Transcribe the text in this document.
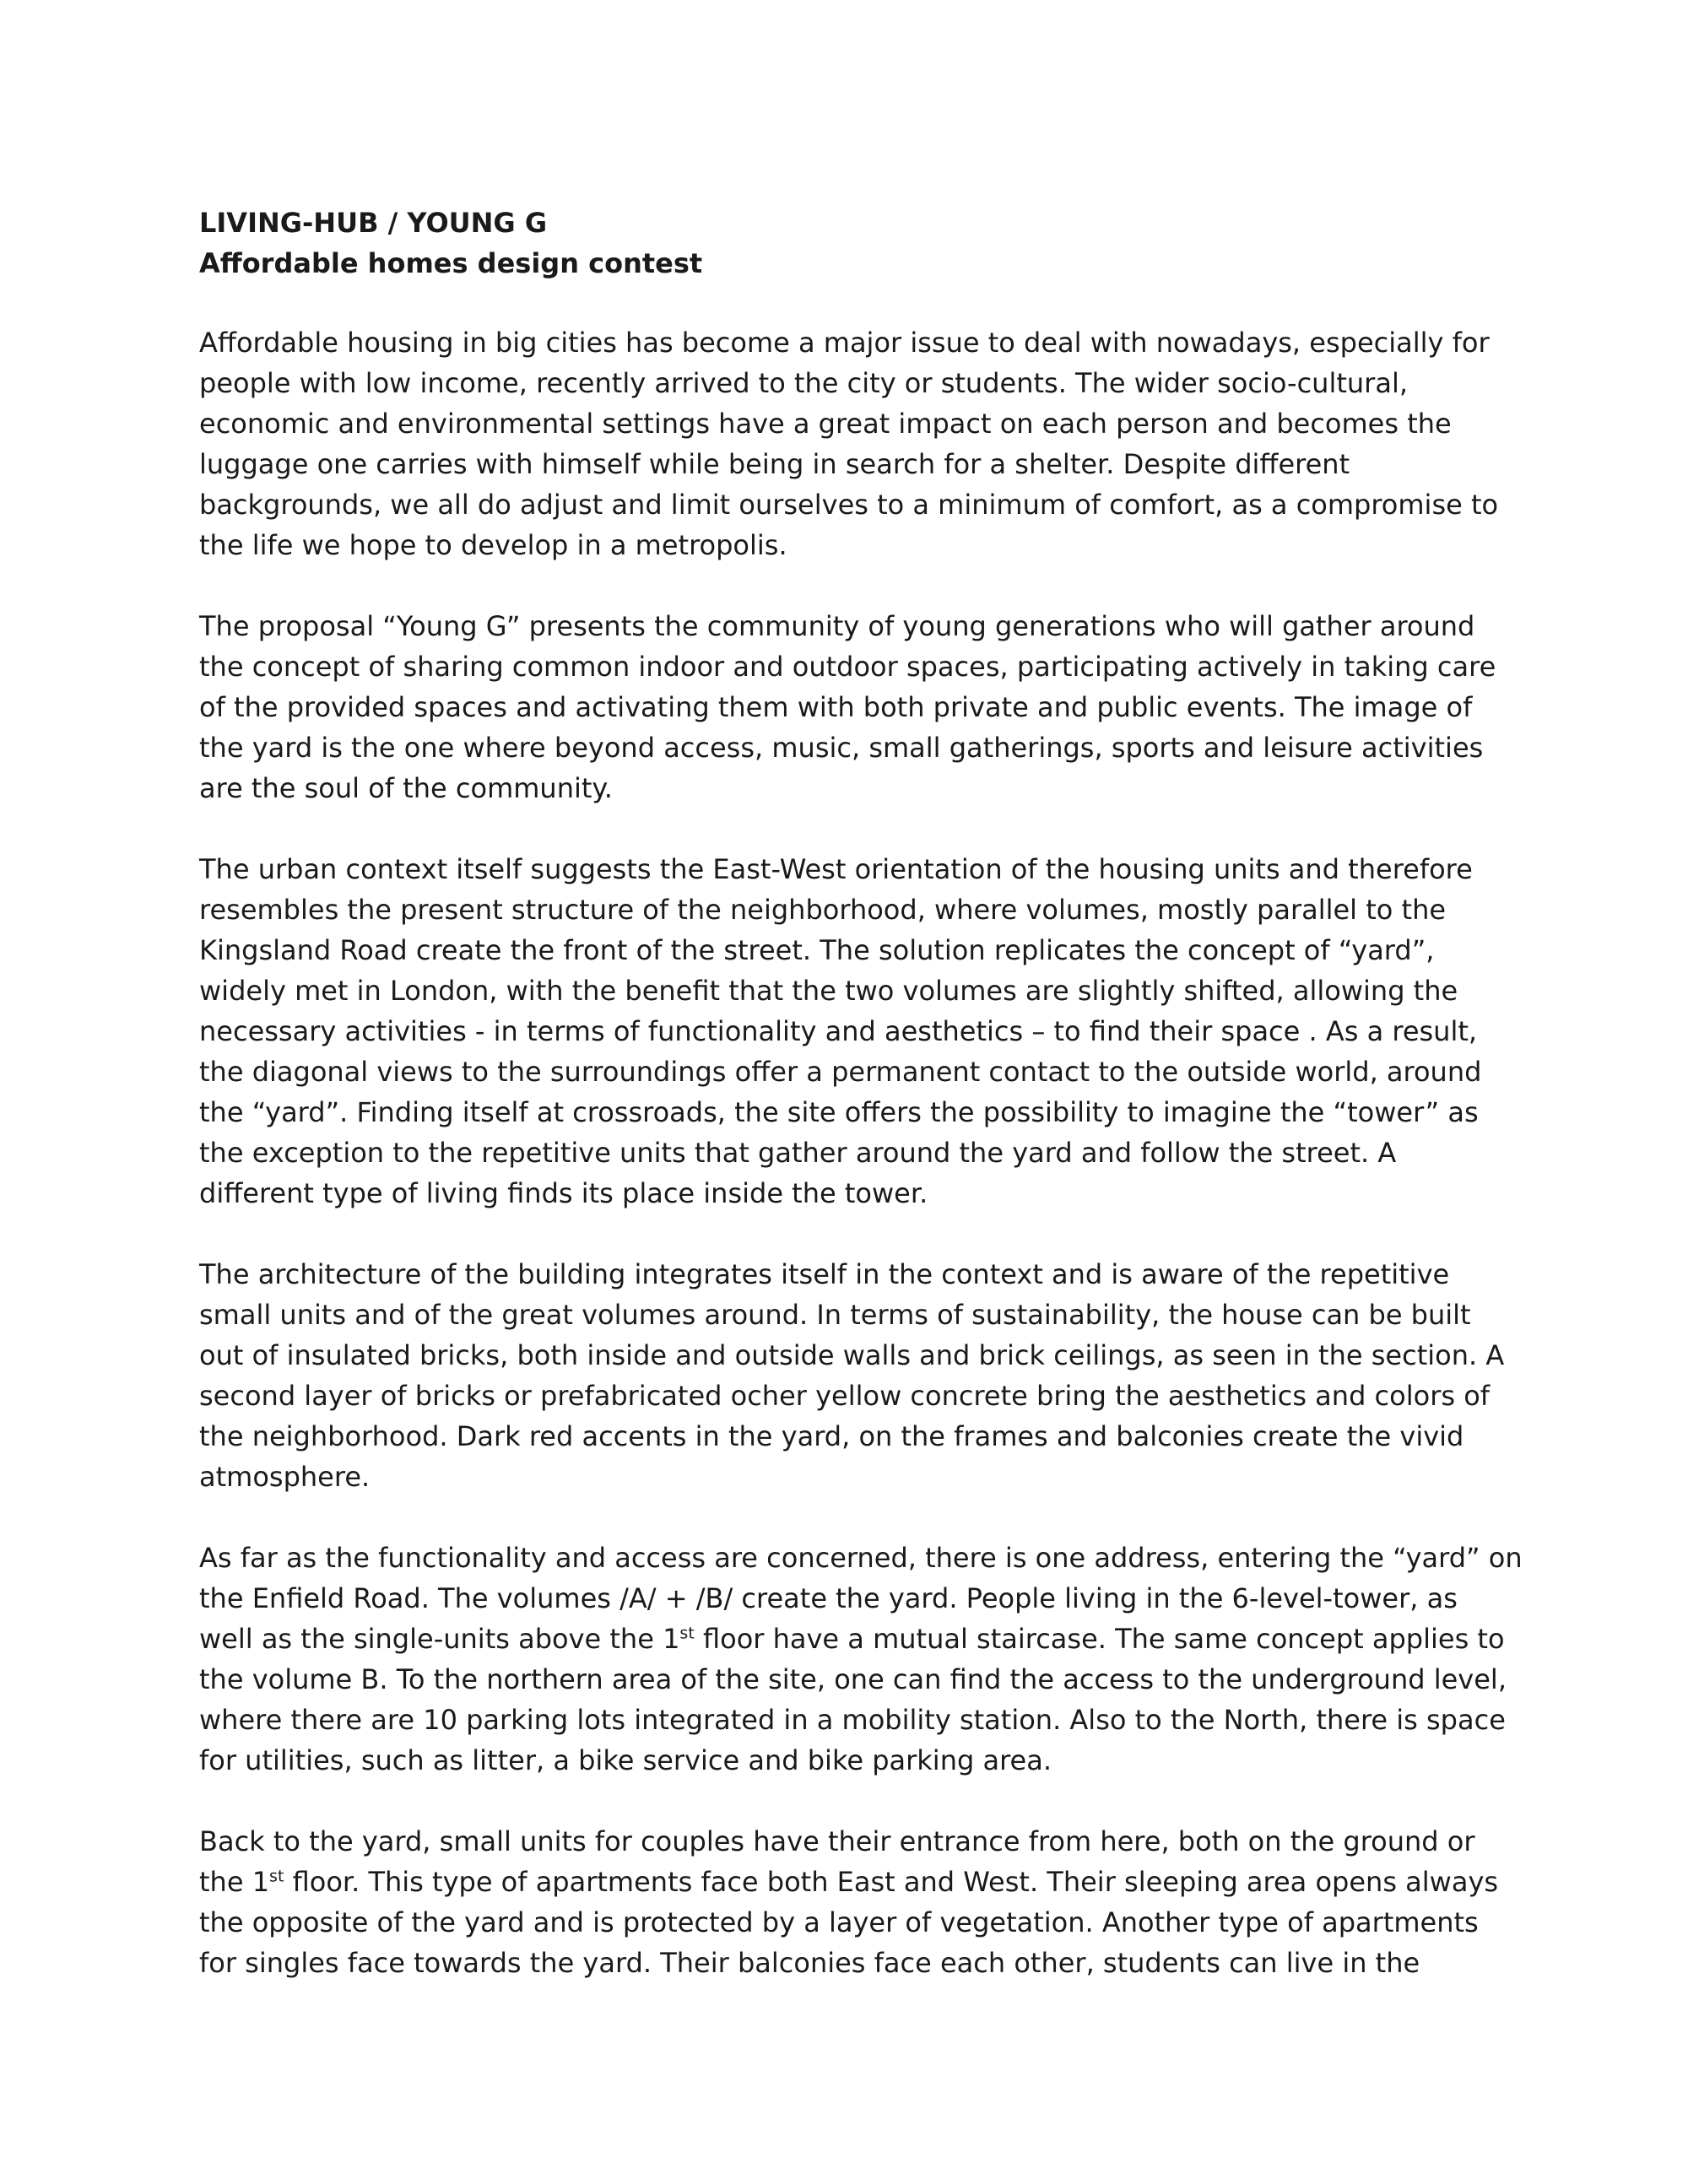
LIVING-HUB / YOUNG G
Affordable homes design contest
Affordable housing in big cities has become a major issue to deal with nowadays, especially for
people with low income, recently arrived to the city or students. The wider socio-cultural,
economic and environmental settings have a great impact on each person and becomes the
luggage one carries with himself while being in search for a shelter. Despite different
backgrounds, we all do adjust and limit ourselves to a minimum of comfort, as a compromise to
the life we hope to develop in a metropolis.
The proposal “Young G” presents the community of young generations who will gather around
the concept of sharing common indoor and outdoor spaces, participating actively in taking care
of the provided spaces and activating them with both private and public events. The image of
the yard is the one where beyond access, music, small gatherings, sports and leisure activities
are the soul of the community.
The urban context itself suggests the East-West orientation of the housing units and therefore
resembles the present structure of the neighborhood, where volumes, mostly parallel to the
Kingsland Road create the front of the street. The solution replicates the concept of “yard”,
widely met in London, with the benefit that the two volumes are slightly shifted, allowing the
necessary activities - in terms of functionality and aesthetics – to find their space . As a result,
the diagonal views to the surroundings offer a permanent contact to the outside world, around
the “yard”. Finding itself at crossroads, the site offers the possibility to imagine the “tower” as
the exception to the repetitive units that gather around the yard and follow the street. A
different type of living finds its place inside the tower.
The architecture of the building integrates itself in the context and is aware of the repetitive
small units and of the great volumes around. In terms of sustainability, the house can be built
out of insulated bricks, both inside and outside walls and brick ceilings, as seen in the section. A
second layer of bricks or prefabricated ocher yellow concrete bring the aesthetics and colors of
the neighborhood. Dark red accents in the yard, on the frames and balconies create the vivid
atmosphere.
As far as the functionality and access are concerned, there is one address, entering the “yard” on
the Enfield Road. The volumes /A/ + /B/ create the yard. People living in the 6-level-tower, as
well as the single-units above the 1st floor have a mutual staircase. The same concept applies to
the volume B. To the northern area of the site, one can find the access to the underground level,
where there are 10 parking lots integrated in a mobility station. Also to the North, there is space
for utilities, such as litter, a bike service and bike parking area.
Back to the yard, small units for couples have their entrance from here, both on the ground or
the 1st floor. This type of apartments face both East and West. Their sleeping area opens always
the opposite of the yard and is protected by a layer of vegetation. Another type of apartments
for singles face towards the yard. Their balconies face each other, students can live in the
